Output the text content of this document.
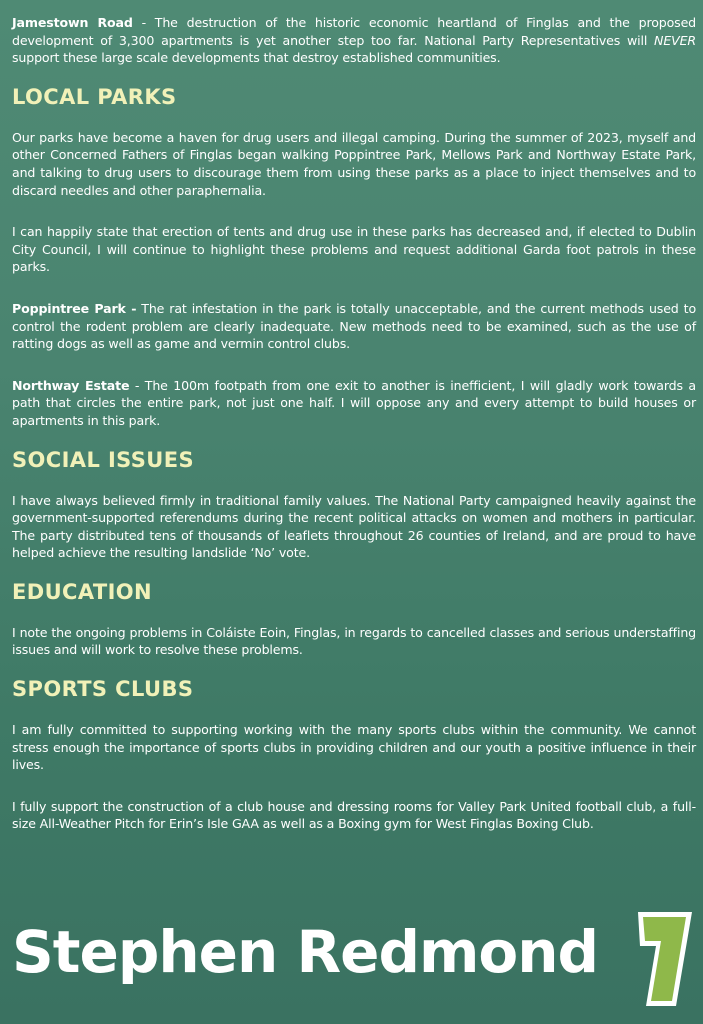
Jamestown Road - The destruction of the historic economic heartland of Finglas and the proposed development of 3,300 apartments is yet another step too far. National Party Representatives will NEVER support these large scale developments that destroy established communities.

LOCAL PARKS

Our parks have become a haven for drug users and illegal camping. During the summer of 2023, myself and other Concerned Fathers of Finglas began walking Poppintree Park, Mellows Park and Northway Estate Park, and talking to drug users to discourage them from using these parks as a place to inject themselves and to discard needles and other paraphernalia.

I can happily state that erection of tents and drug use in these parks has decreased and, if elected to Dublin City Council, I will continue to highlight these problems and request additional Garda foot patrols in these parks.

Poppintree Park - The rat infestation in the park is totally unacceptable, and the current methods used to control the rodent problem are clearly inadequate. New methods need to be examined, such as the use of ratting dogs as well as game and vermin control clubs.

Northway Estate - The 100m footpath from one exit to another is inefficient, I will gladly work towards a path that circles the entire park, not just one half. I will oppose any and every attempt to build houses or apartments in this park.

SOCIAL ISSUES

I have always believed firmly in traditional family values. The National Party campaigned heavily against the government-supported referendums during the recent political attacks on women and mothers in particular. The party distributed tens of thousands of leaflets throughout 26 counties of Ireland, and are proud to have helped achieve the resulting landslide ‘No’ vote.

EDUCATION

I note the ongoing problems in Coláiste Eoin, Finglas, in regards to cancelled classes and serious understaffing issues and will work to resolve these problems.

SPORTS CLUBS

I am fully committed to supporting working with the many sports clubs within the community. We cannot stress enough the importance of sports clubs in providing children and our youth a positive influence in their lives.

I fully support the construction of a club house and dressing rooms for Valley Park United football club, a full-size All-Weather Pitch for Erin’s Isle GAA as well as a Boxing gym for West Finglas Boxing Club.

Stephen Redmond
1
